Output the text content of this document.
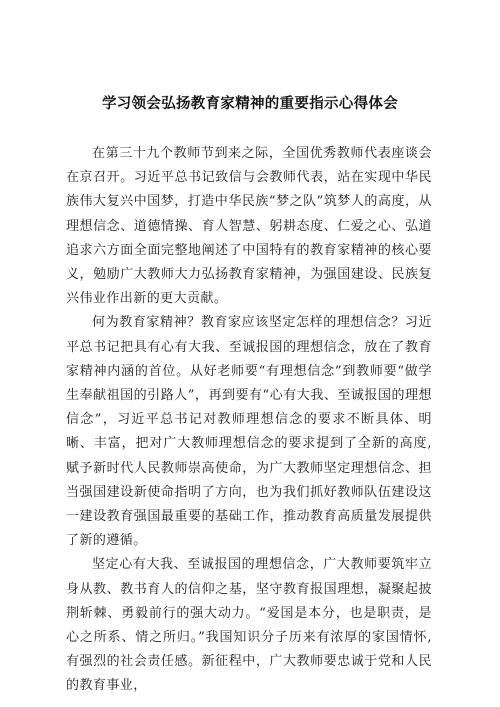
学习领会弘扬教育家精神的重要指示心得体会

在第三十九个教师节到来之际，全国优秀教师代表座谈会在京召开。习近平总书记致信与会教师代表，站在实现中华民族伟大复兴中国梦，打造中华民族“梦之队”筑梦人的高度，从理想信念、道德情操、育人智慧、躬耕态度、仁爱之心、弘道追求六方面全面完整地阐述了中国特有的教育家精神的核心要义，勉励广大教师大力弘扬教育家精神，为强国建设、民族复兴伟业作出新的更大贡献。

何为教育家精神？教育家应该坚定怎样的理想信念？习近平总书记把具有心有大我、至诚报国的理想信念，放在了教育家精神内涵的首位。从好老师要“有理想信念”到教师要“做学生奉献祖国的引路人”，再到要有“心有大我、至诚报国的理想信念”，习近平总书记对教师理想信念的要求不断具体、明晰、丰富，把对广大教师理想信念的要求提到了全新的高度,赋予新时代人民教师崇高使命，为广大教师坚定理想信念、担当强国建设新使命指明了方向，也为我们抓好教师队伍建设这一建设教育强国最重要的基础工作，推动教育高质量发展提供了新的遵循。

坚定心有大我、至诚报国的理想信念，广大教师要筑牢立身从教、教书育人的信仰之基，坚守教育报国理想，凝聚起披荆斩棘、勇毅前行的强大动力。“爱国是本分，也是职责，是心之所系、情之所归。”我国知识分子历来有浓厚的家国情怀,有强烈的社会责任感。新征程中，广大教师要忠诚于党和人民的教育事业，
